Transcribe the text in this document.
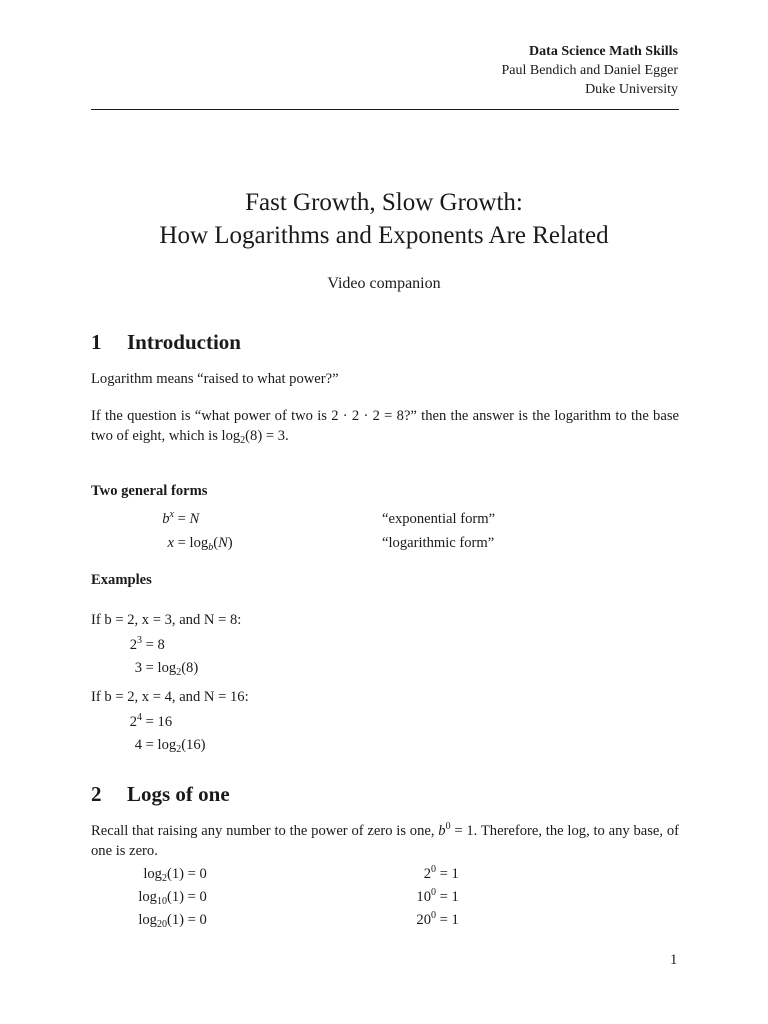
Data Science Math Skills
Paul Bendich and Daniel Egger
Duke University
Fast Growth, Slow Growth:
How Logarithms and Exponents Are Related
Video companion
1 Introduction
Logarithm means “raised to what power?”
If the question is “what power of two is 2 · 2 · 2 = 8?” then the answer is the logarithm to the base two of eight, which is $\log_2(8) = 3$.
Two general forms
$b^x = N$	“exponential form”
$x = \log_b(N)$	“logarithmic form”
Examples
If b = 2, x = 3, and N = 8:
$2^3 = 8$
$3 = \log_2(8)$
If b = 2, x = 4, and N = 16:
$2^4 = 16$
$4 = \log_2(16)$
2 Logs of one
Recall that raising any number to the power of zero is one, $b^0 = 1$. Therefore, the log, to any base, of one is zero.
$\log_2(1) = 0$	$2^0 = 1$
$\log_{10}(1) = 0$	$10^0 = 1$
$\log_{20}(1) = 0$	$20^0 = 1$
1
